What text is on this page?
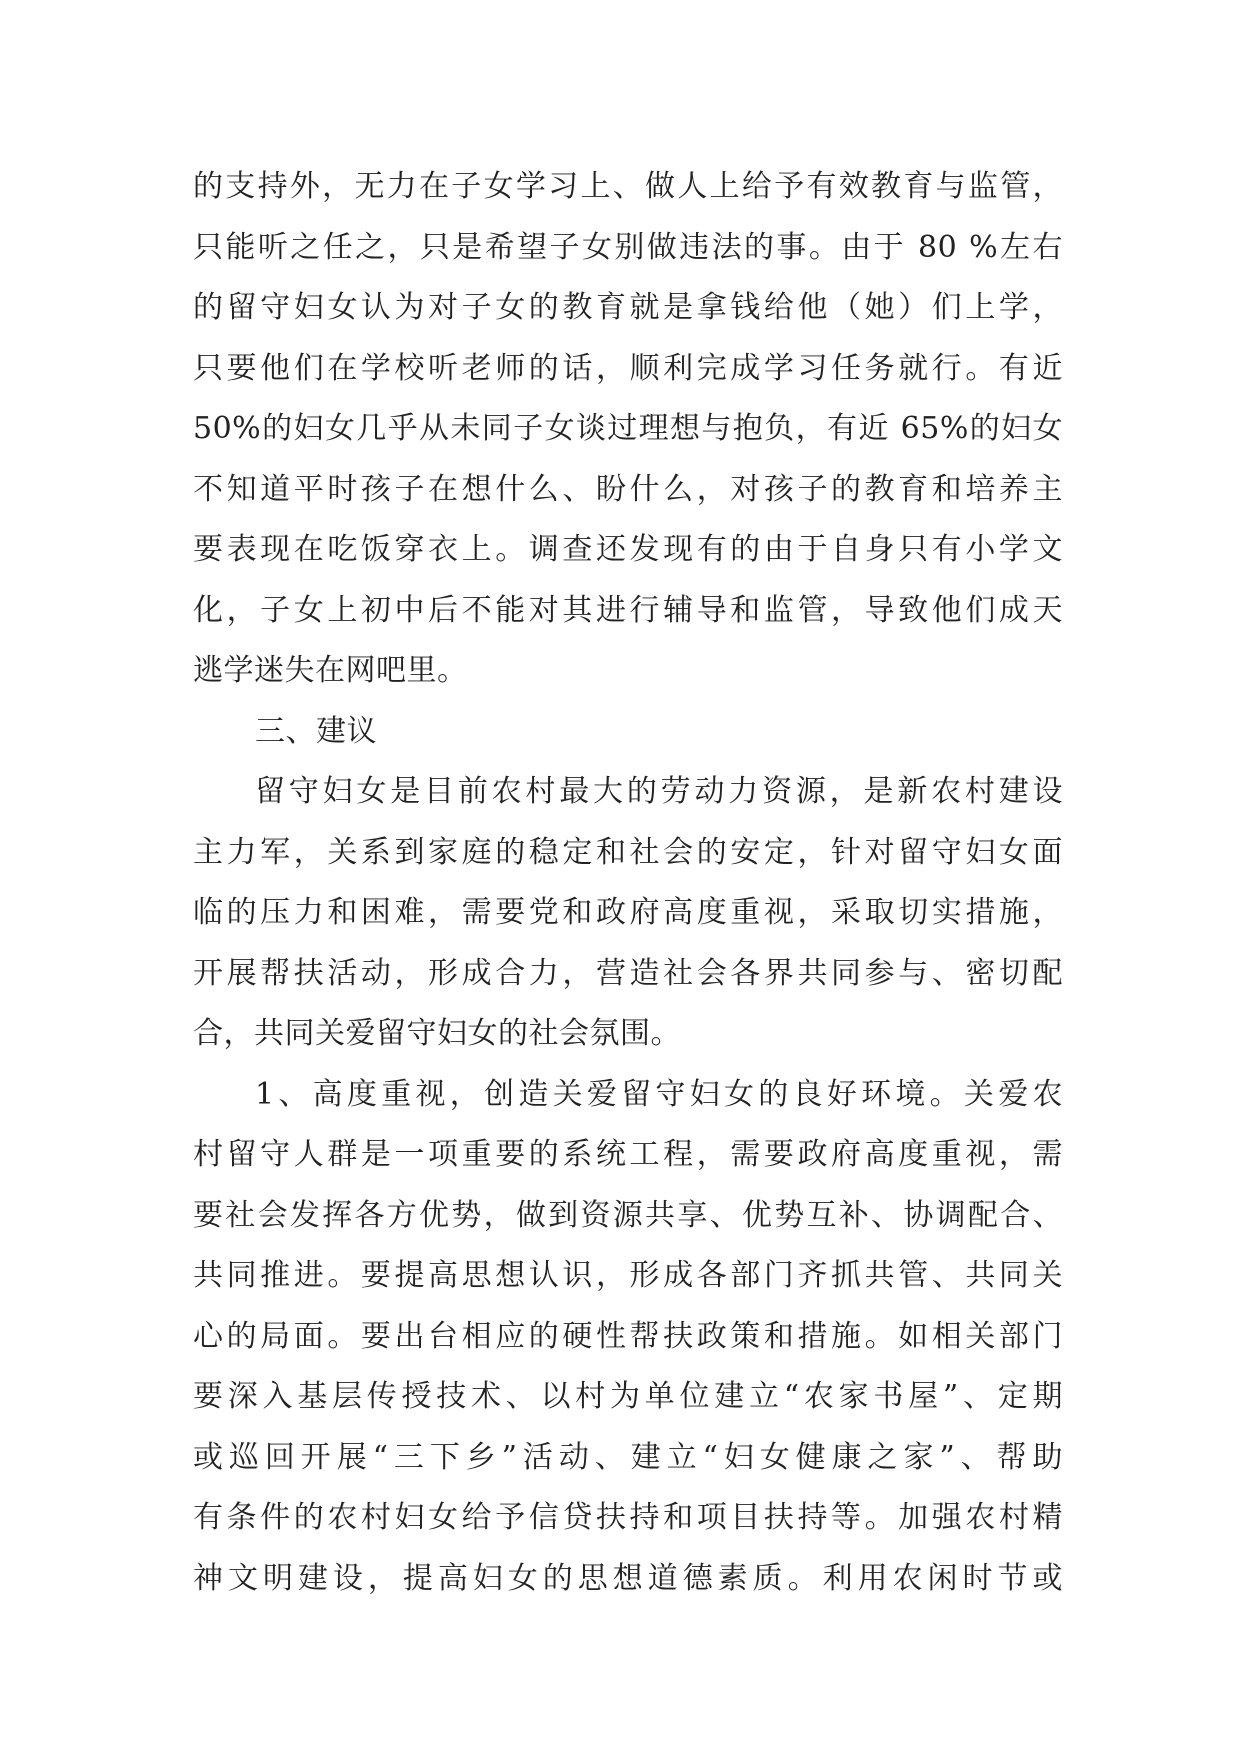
的支持外，无力在子女学习上、做人上给予有效教育与监管，
只能听之任之，只是希望子女别做违法的事。由于 80 %左右
的留守妇女认为对子女的教育就是拿钱给他（她）们上学，
只要他们在学校听老师的话，顺利完成学习任务就行。有近
50%的妇女几乎从未同子女谈过理想与抱负，有近 65%的妇女
不知道平时孩子在想什么、盼什么，对孩子的教育和培养主
要表现在吃饭穿衣上。调查还发现有的由于自身只有小学文
化，子女上初中后不能对其进行辅导和监管，导致他们成天
逃学迷失在网吧里。
三、建议
留守妇女是目前农村最大的劳动力资源，是新农村建设
主力军，关系到家庭的稳定和社会的安定，针对留守妇女面
临的压力和困难，需要党和政府高度重视，采取切实措施，
开展帮扶活动，形成合力，营造社会各界共同参与、密切配
合，共同关爱留守妇女的社会氛围。
1、高度重视，创造关爱留守妇女的良好环境。关爱农
村留守人群是一项重要的系统工程，需要政府高度重视，需
要社会发挥各方优势，做到资源共享、优势互补、协调配合、
共同推进。要提高思想认识，形成各部门齐抓共管、共同关
心的局面。要出台相应的硬性帮扶政策和措施。如相关部门
要深入基层传授技术、以村为单位建立“农家书屋”、定期
或巡回开展“三下乡”活动、建立“妇女健康之家”、帮助
有条件的农村妇女给予信贷扶持和项目扶持等。加强农村精
神文明建设，提高妇女的思想道德素质。利用农闲时节或
